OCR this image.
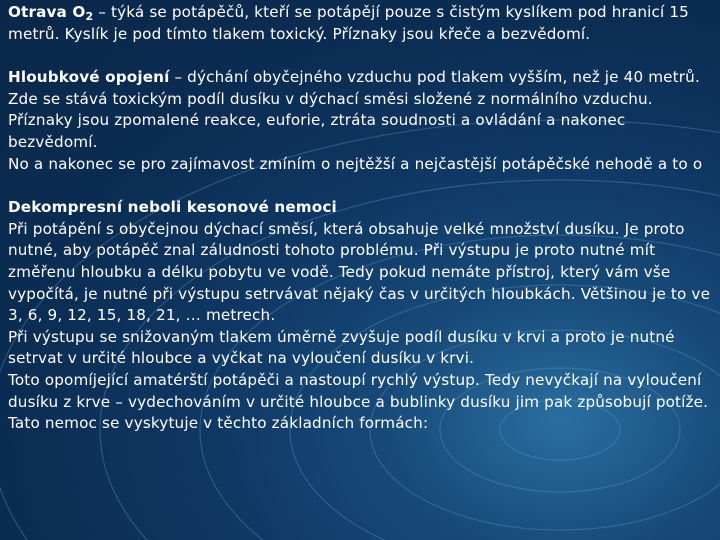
Otrava $O_2$ – týká se potápěčů, kteří se potápějí pouze s čistým kyslíkem pod hranicí 15 metrů. Kyslík je pod tímto tlakem toxický. Příznaky jsou křeče a bezvědomí.

Hloubkové opojení – dýchání obyčejného vzduchu pod tlakem vyšším, než je 40 metrů. Zde se stává toxickým podíl dusíku v dýchací směsi složené z normálního vzduchu. Příznaky jsou zpomalené reakce, euforie, ztráta soudnosti a ovládání a nakonec bezvědomí.

No a nakonec se pro zajímavost zmíním o nejtěžší a nejčastější potápěčské nehodě a to o

Dekompresní neboli kesonové nemoci

Při potápění s obyčejnou dýchací směsí, která obsahuje velké množství dusíku. Je proto nutné, aby potápěč znal záludnosti tohoto problému. Při výstupu je proto nutné mít změřenu hloubku a délku pobytu ve vodě. Tedy pokud nemáte přístroj, který vám vše vypočítá, je nutné při výstupu setrvávat nějaký čas v určitých hloubkách. Většinou je to ve 3, 6, 9, 12, 15, 18, 21, … metrech.

Při výstupu se snižovaným tlakem úměrně zvyšuje podíl dusíku v krvi a proto je nutné setrvat v určité hloubce a vyčkat na vyloučení dusíku v krvi.

Toto opomíjející amatérští potápěči a nastoupí rychlý výstup. Tedy nevyčkají na vyloučení dusíku z krve – vydechováním v určité hloubce a bublinky dusíku jim pak způsobují potíže.

Tato nemoc se vyskytuje v těchto základních formách:
